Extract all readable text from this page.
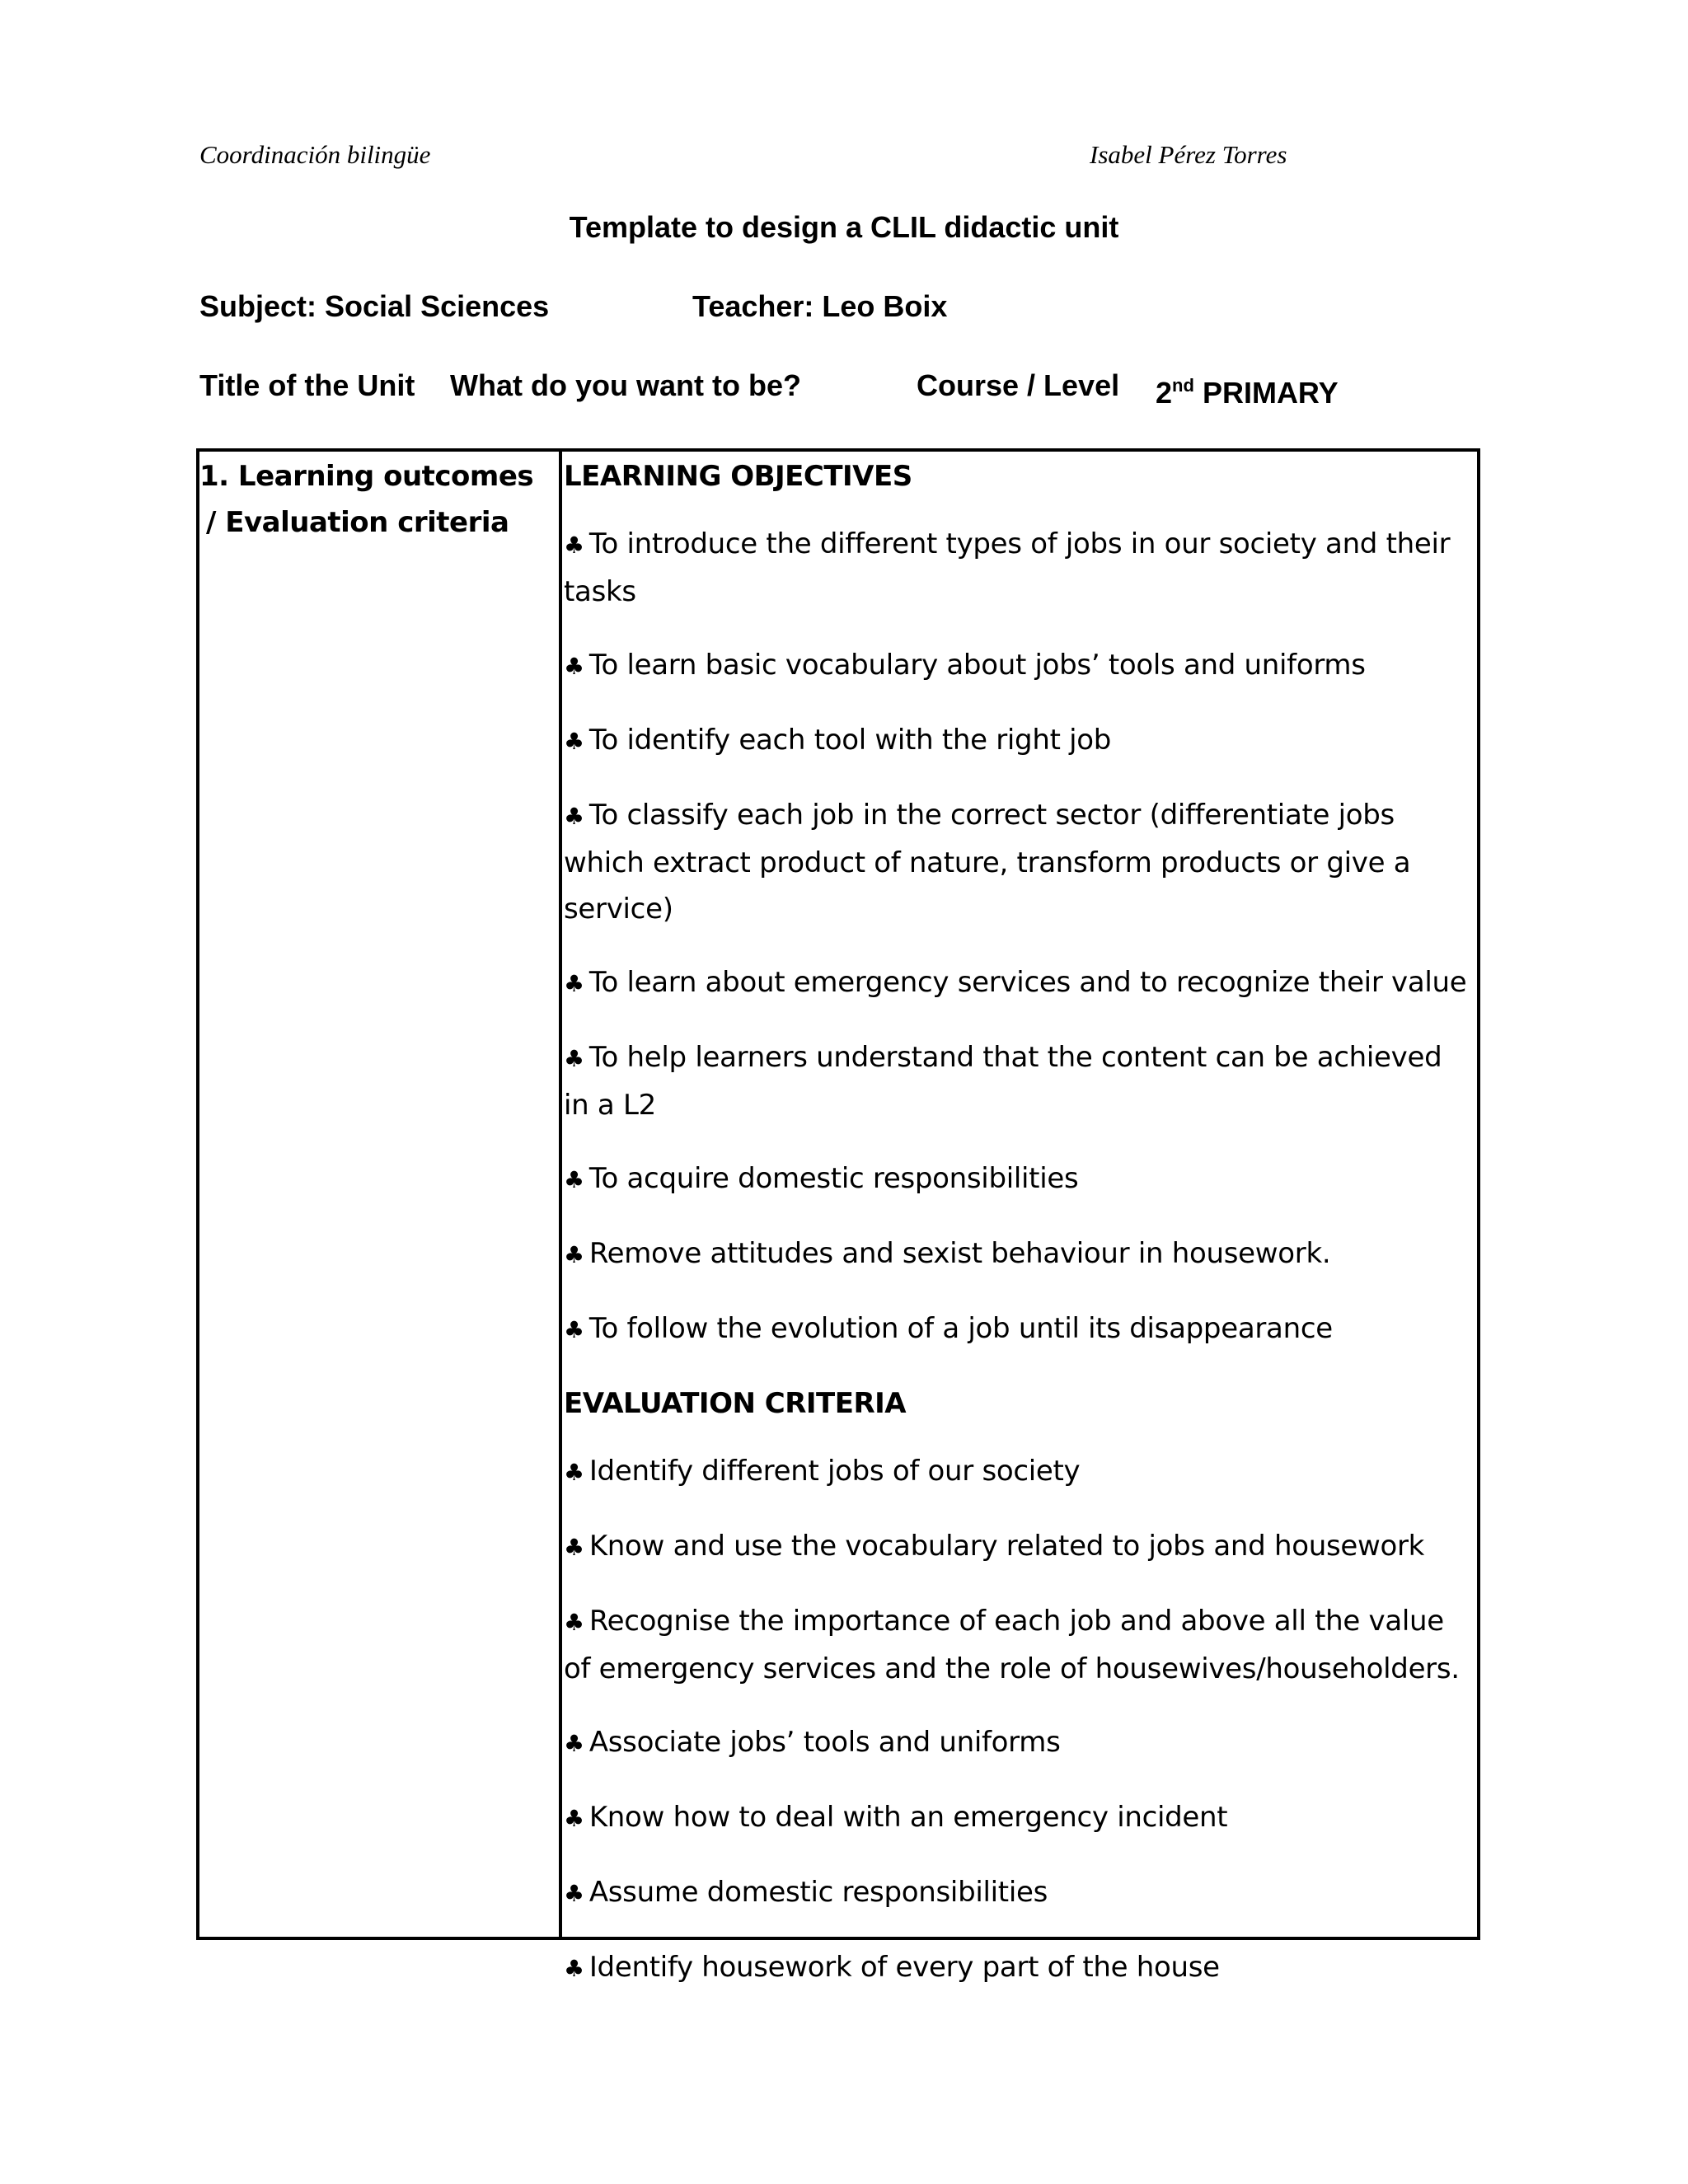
Coordinación bilingüe	Isabel Pérez Torres
Template to design a CLIL didactic unit
Subject: Social Sciences	Teacher: Leo Boix
Title of the Unit What do you want to be?	Course / Level 2nd PRIMARY
1. Learning outcomes
/ Evaluation criteria
LEARNING OBJECTIVES
♣ To introduce the different types of jobs in our society and their tasks
♣ To learn basic vocabulary about jobs’ tools and uniforms
♣ To identify each tool with the right job
♣ To classify each job in the correct sector (differentiate jobs which extract product of nature, transform products or give a service)
♣ To learn about emergency services and to recognize their value
♣ To help learners understand that the content can be achieved in a L2
♣ To acquire domestic responsibilities
♣ Remove attitudes and sexist behaviour in housework.
♣ To follow the evolution of a job until its disappearance
EVALUATION CRITERIA
♣ Identify different jobs of our society
♣ Know and use the vocabulary related to jobs and housework
♣ Recognise the importance of each job and above all the value of emergency services and the role of housewives/householders.
♣ Associate jobs’ tools and uniforms
♣ Know how to deal with an emergency incident
♣ Assume domestic responsibilities
♣ Identify housework of every part of the house
